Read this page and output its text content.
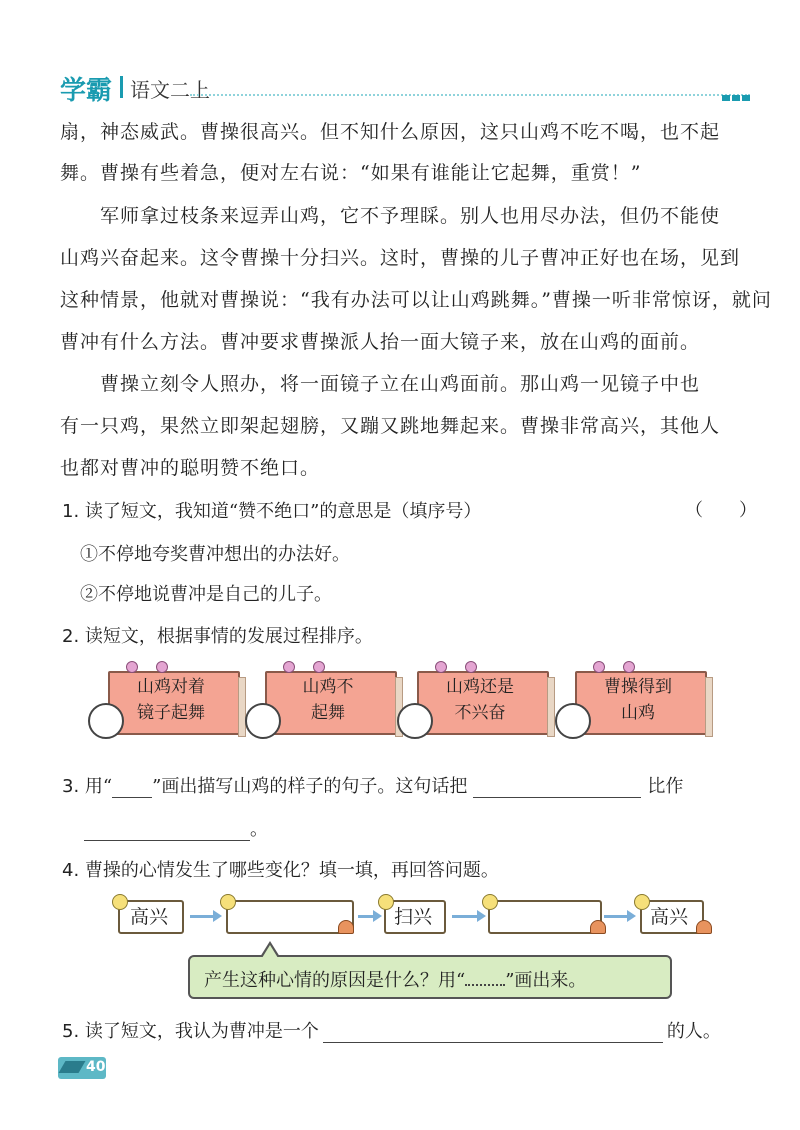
学霸 语文二上
扇，神态威武。曹操很高兴。但不知什么原因，这只山鸡不吃不喝，也不起
舞。曹操有些着急，便对左右说：“如果有谁能让它起舞，重赏！”
　　军师拿过枝条来逗弄山鸡，它不予理睬。别人也用尽办法，但仍不能使
山鸡兴奋起来。这令曹操十分扫兴。这时，曹操的儿子曹冲正好也在场，见到
这种情景，他就对曹操说：“我有办法可以让山鸡跳舞。”曹操一听非常惊讶，就问
曹冲有什么方法。曹冲要求曹操派人抬一面大镜子来，放在山鸡的面前。
　　曹操立刻令人照办，将一面镜子立在山鸡面前。那山鸡一见镜子中也
有一只鸡，果然立即架起翅膀，又蹦又跳地舞起来。曹操非常高兴，其他人
也都对曹冲的聪明赞不绝口。
1. 读了短文，我知道“赞不绝口”的意思是（填序号）	（　　）
①不停地夸奖曹冲想出的办法好。
②不停地说曹冲是自己的儿子。
2. 读短文，根据事情的发展过程排序。
山鸡对着
镜子起舞
山鸡不
起舞
山鸡还是
不兴奋
曹操得到
山鸡
3. 用“ ”画出描写山鸡的样子的句子。这句话把	比作
。
4. 曹操的心情发生了哪些变化？填一填，再回答问题。
高兴	扫兴	高兴
产生这种心情的原因是什么？用“ ”画出来。
5. 读了短文，我认为曹冲是一个	的人。
40
